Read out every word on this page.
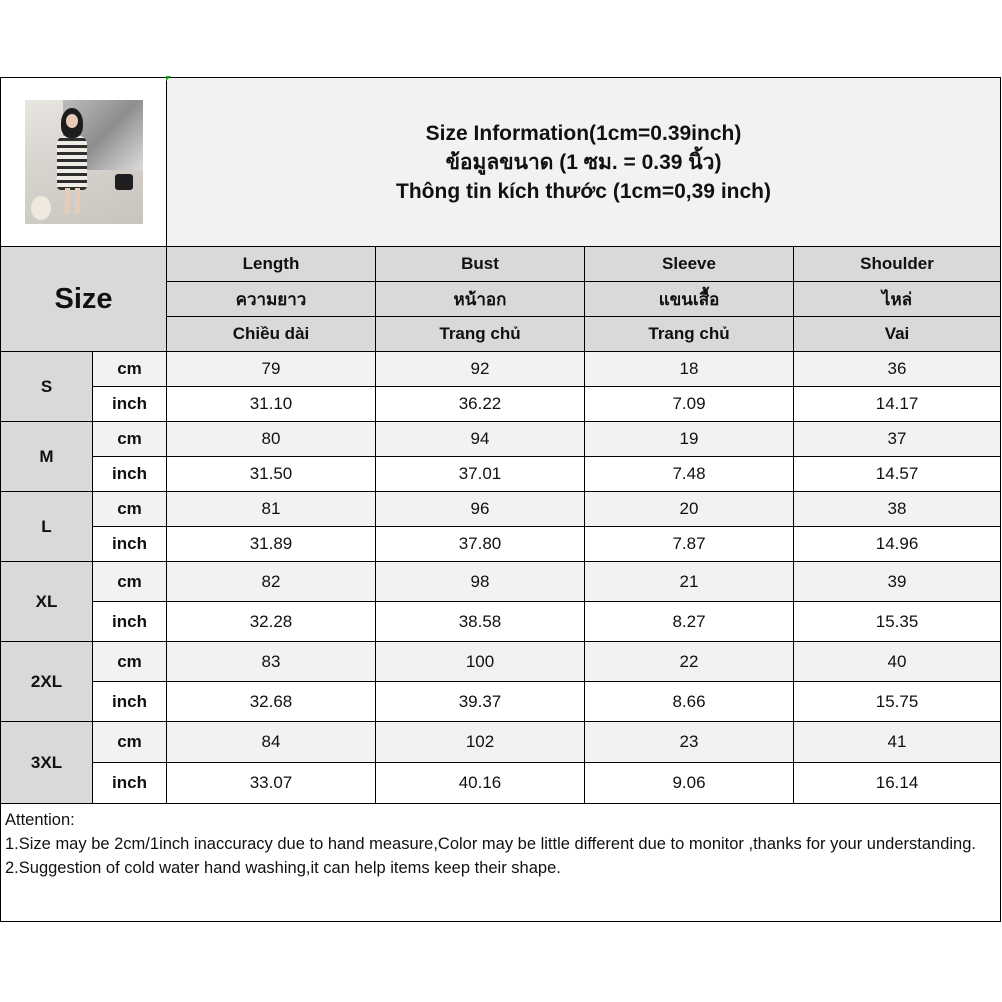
		Size Information(1cm=0.39inch)
ข้อมูลขนาด (1 ซม. = 0.39 นิ้ว)
Thông tin kích thước (1cm=0,39 inch)			

Size		Length	Bust	Sleeve	Shoulder
		ความยาว	หน้าอก	แขนเสื้อ	ไหล่
		Chiều dài	Trang chủ	Trang chủ	Vai
S	cm	79	92	18	36
	inch	31.10	36.22	7.09	14.17
M	cm	80	94	19	37
	inch	31.50	37.01	7.48	14.57
L	cm	81	96	20	38
	inch	31.89	37.80	7.87	14.96
XL	cm	82	98	21	39
	inch	32.28	38.58	8.27	15.35
2XL	cm	83	100	22	40
	inch	32.68	39.37	8.66	15.75
3XL	cm	84	102	23	41
	inch	33.07	40.16	9.06	16.14

Attention:
1.Size may be 2cm/1inch inaccuracy due to hand measure,Color may be little different due to monitor ,thanks for your understanding.
2.Suggestion of cold water hand washing,it can help items keep their shape.					
